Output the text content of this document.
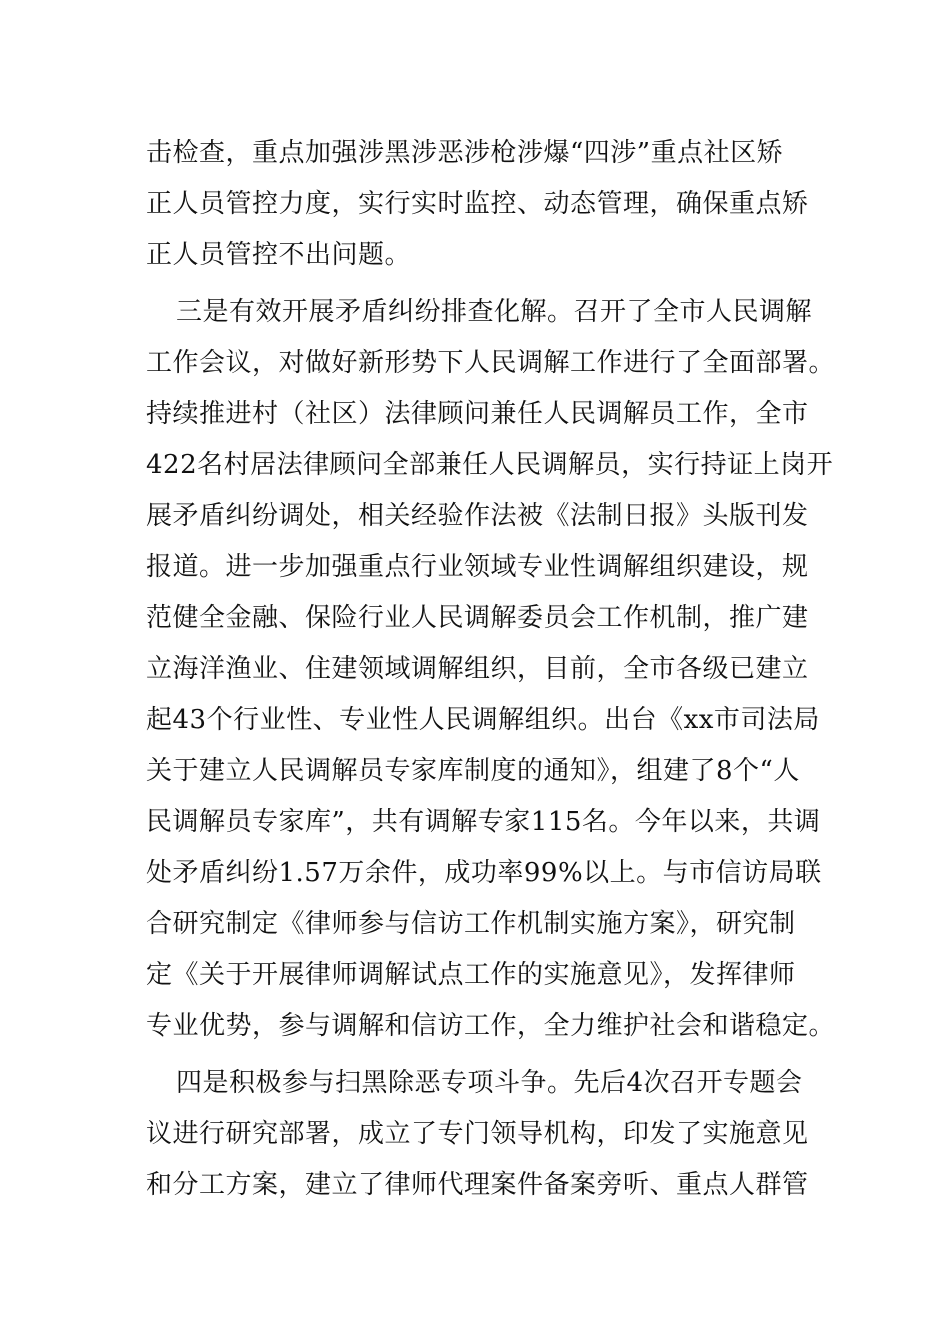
击检查，重点加强涉黑涉恶涉枪涉爆“四涉”重点社区矫
正人员管控力度，实行实时监控、动态管理，确保重点矫
正人员管控不出问题。
三是有效开展矛盾纠纷排查化解。召开了全市人民调解
工作会议，对做好新形势下人民调解工作进行了全面部署。
持续推进村（社区）法律顾问兼任人民调解员工作，全市
422名村居法律顾问全部兼任人民调解员，实行持证上岗开
展矛盾纠纷调处，相关经验作法被《法制日报》头版刊发
报道。进一步加强重点行业领域专业性调解组织建设，规
范健全金融、保险行业人民调解委员会工作机制，推广建
立海洋渔业、住建领域调解组织，目前，全市各级已建立
起43个行业性、专业性人民调解组织。出台《xx市司法局
关于建立人民调解员专家库制度的通知》，组建了8个“人
民调解员专家库”，共有调解专家115名。今年以来，共调
处矛盾纠纷1.57万余件，成功率99%以上。与市信访局联
合研究制定《律师参与信访工作机制实施方案》，研究制
定《关于开展律师调解试点工作的实施意见》，发挥律师
专业优势，参与调解和信访工作，全力维护社会和谐稳定。
四是积极参与扫黑除恶专项斗争。先后4次召开专题会
议进行研究部署，成立了专门领导机构，印发了实施意见
和分工方案，建立了律师代理案件备案旁听、重点人群管
